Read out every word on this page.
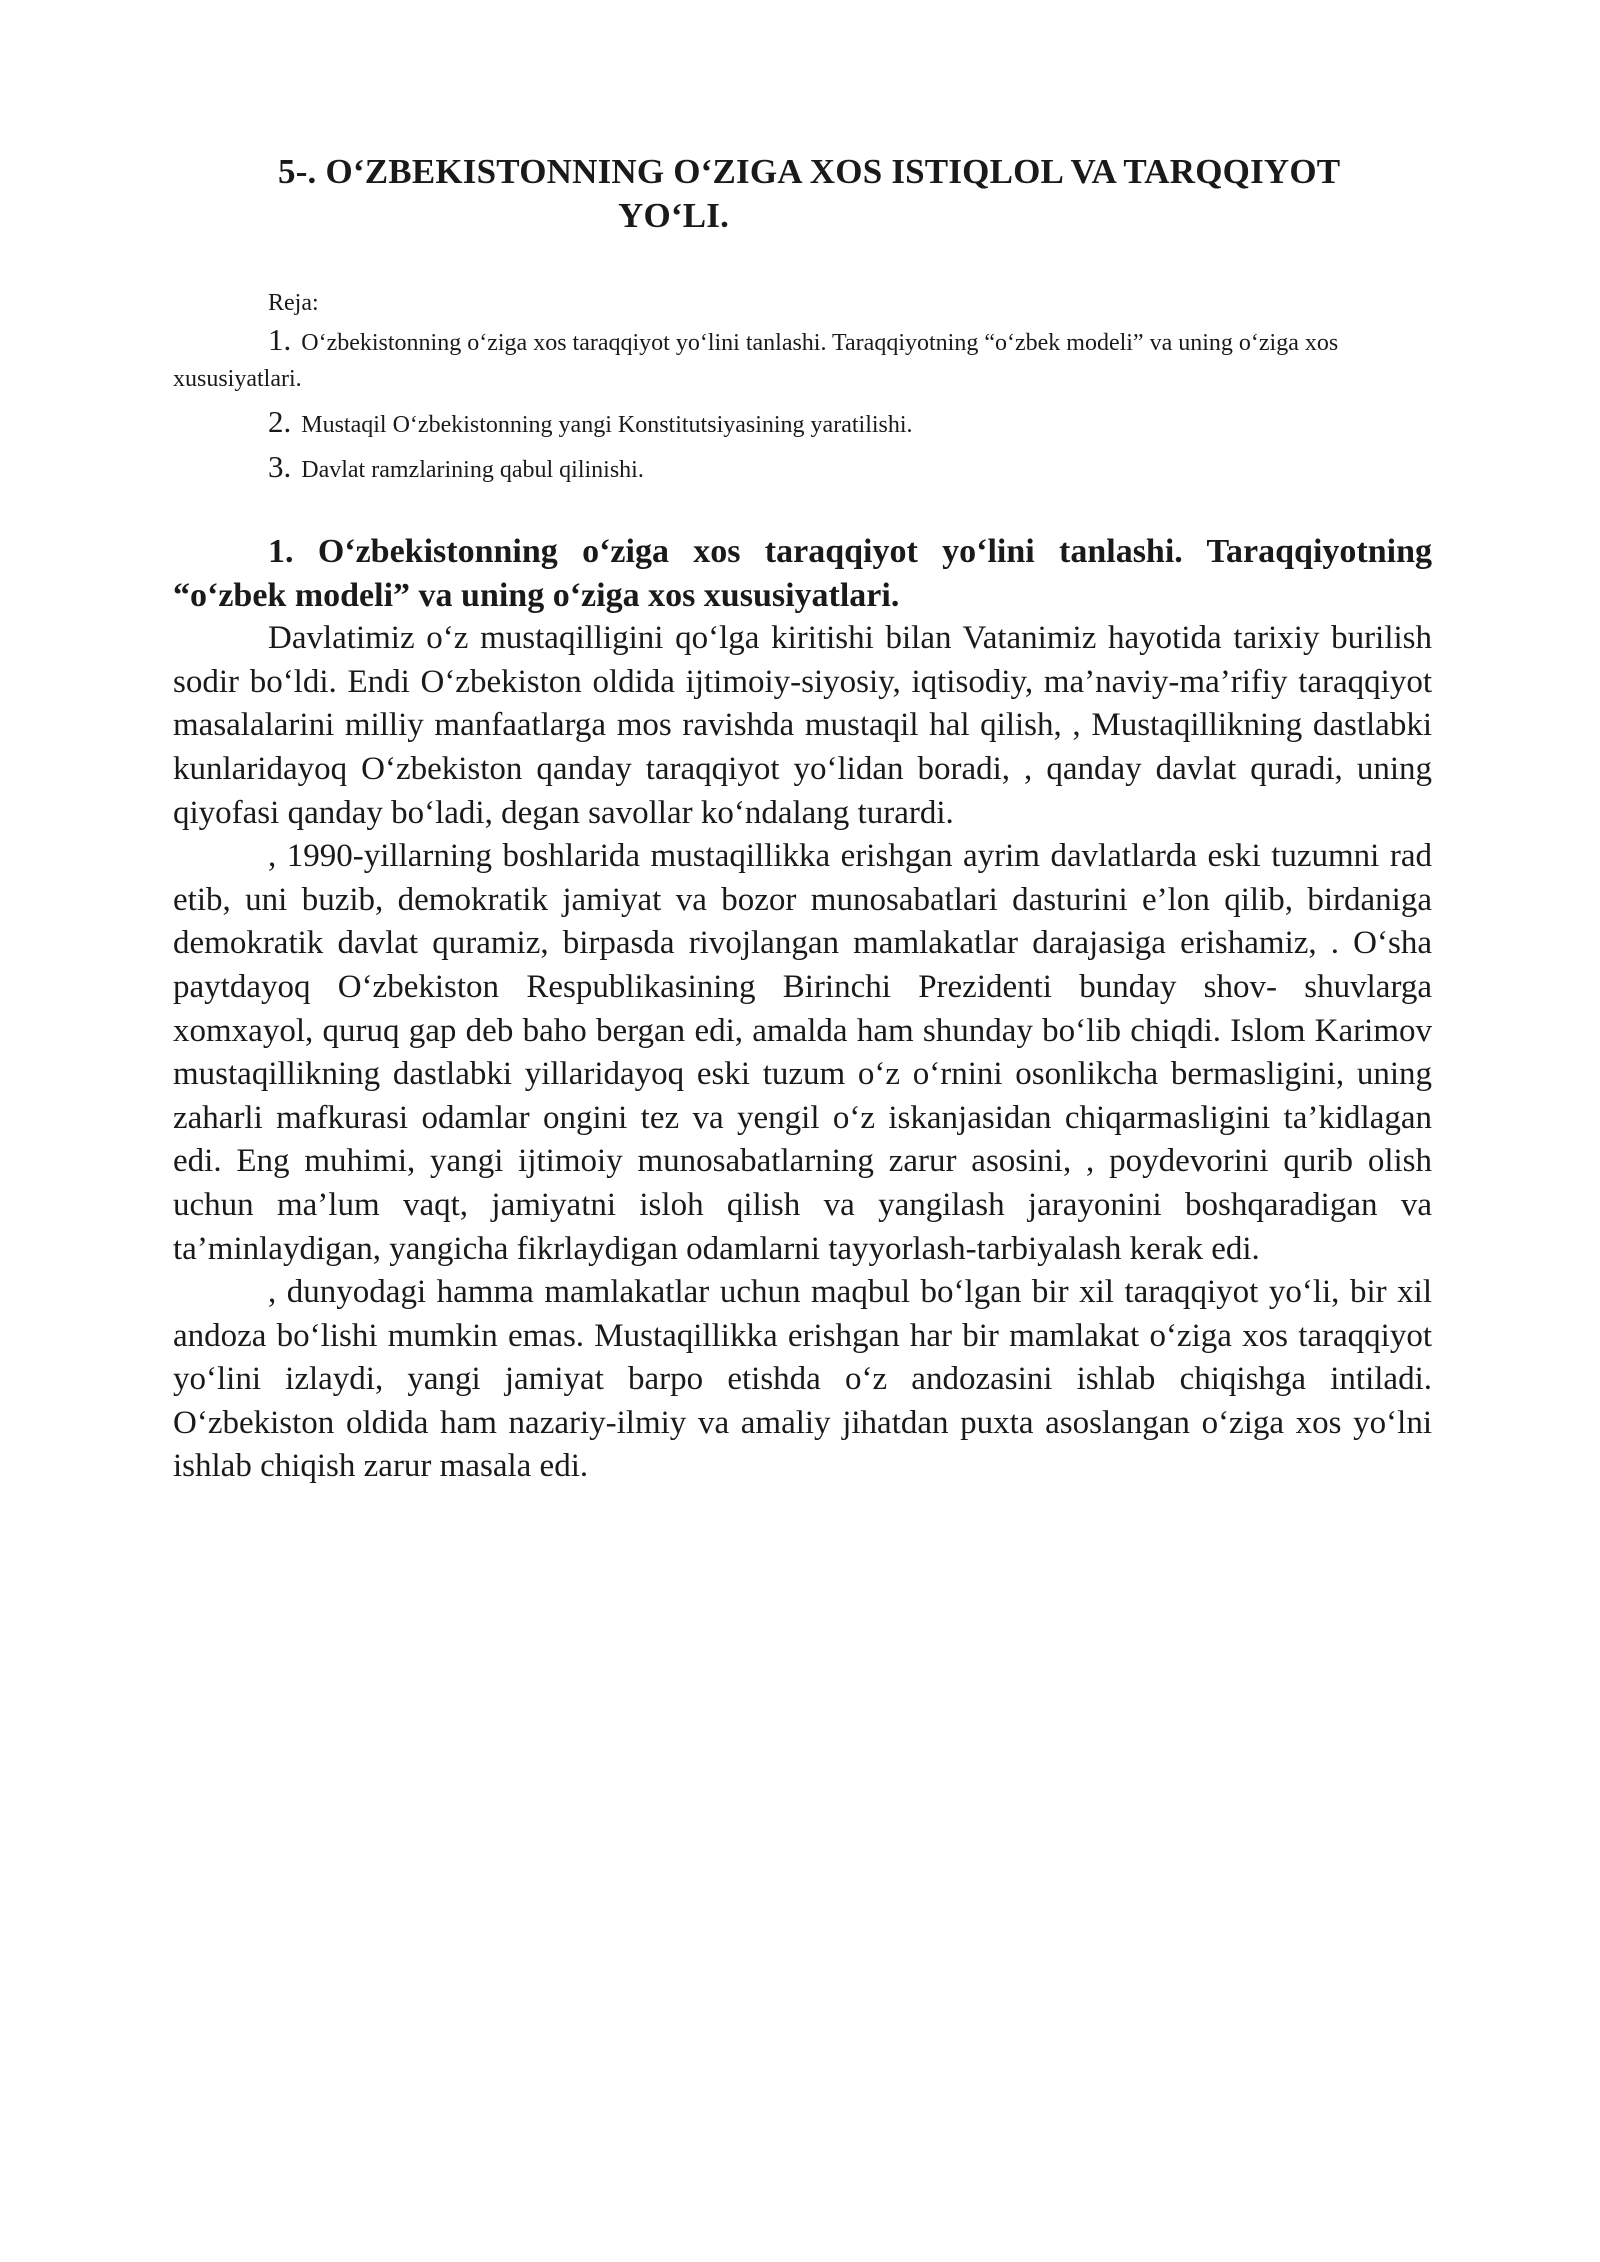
5-. O‘ZBEKISTONNING O‘ZIGA XOS ISTIQLOL VA TARQQIYOT
YO‘LI.
Reja:
1. O‘zbekistonning o‘ziga xos taraqqiyot yo‘lini tanlashi. Taraqqiyotning “o‘zbek modeli” va uning o‘ziga xos xususiyatlari.
2. Mustaqil O‘zbekistonning yangi Konstitutsiyasining yaratilishi.
3. Davlat ramzlarining qabul qilinishi.

1. O‘zbekistonning o‘ziga xos taraqqiyot yo‘lini tanlashi. Taraqqiyotning “o‘zbek modeli” va uning o‘ziga xos xususiyatlari.

Davlatimiz o‘z mustaqilligini qo‘lga kiritishi bilan Vatanimiz hayotida tarixiy burilish sodir bo‘ldi. Endi O‘zbekiston oldida ijtimoiy-siyosiy, iqtisodiy, ma’naviy-ma’rifiy taraqqiyot masalalarini milliy manfaatlarga mos ravishda mustaqil hal qilish, , Mustaqillikning dastlabki kunlaridayoq O‘zbekiston qanday taraqqiyot yo‘lidan boradi, , qanday davlat quradi, uning qiyofasi qanday bo‘ladi, degan savollar ko‘ndalang turardi.

, 1990-yillarning boshlarida mustaqillikka erishgan ayrim davlatlarda eski tuzumni rad etib, uni buzib, demokratik jamiyat va bozor munosabatlari dasturini e’lon qilib, birdaniga demokratik davlat quramiz, birpasda rivojlangan mamlakatlar darajasiga erishamiz, . O‘sha paytdayoq O‘zbekiston Respublikasining Birinchi Prezidenti bunday shov- shuvlarga xomxayol, quruq gap deb baho bergan edi, amalda ham shunday bo‘lib chiqdi. Islom Karimov mustaqillikning dastlabki yillaridayoq eski tuzum o‘z o‘rnini osonlikcha bermasligini, uning zaharli mafkurasi odamlar ongini tez va yengil o‘z iskanjasidan chiqarmasligini ta’kidlagan edi. Eng muhimi, yangi ijtimoiy munosabatlarning zarur asosini, , poydevorini qurib olish uchun ma’lum vaqt, jamiyatni isloh qilish va yangilash jarayonini boshqaradigan va ta’minlaydigan, yangicha fikrlaydigan odamlarni tayyorlash-tarbiyalash kerak edi.

, dunyodagi hamma mamlakatlar uchun maqbul bo‘lgan bir xil taraqqiyot yo‘li, bir xil andoza bo‘lishi mumkin emas. Mustaqillikka erishgan har bir mamlakat o‘ziga xos taraqqiyot yo‘lini izlaydi, yangi jamiyat barpo etishda o‘z andozasini ishlab chiqishga intiladi. O‘zbekiston oldida ham nazariy-ilmiy va amaliy jihatdan puxta asoslangan o‘ziga xos yo‘lni ishlab chiqish zarur masala edi.
